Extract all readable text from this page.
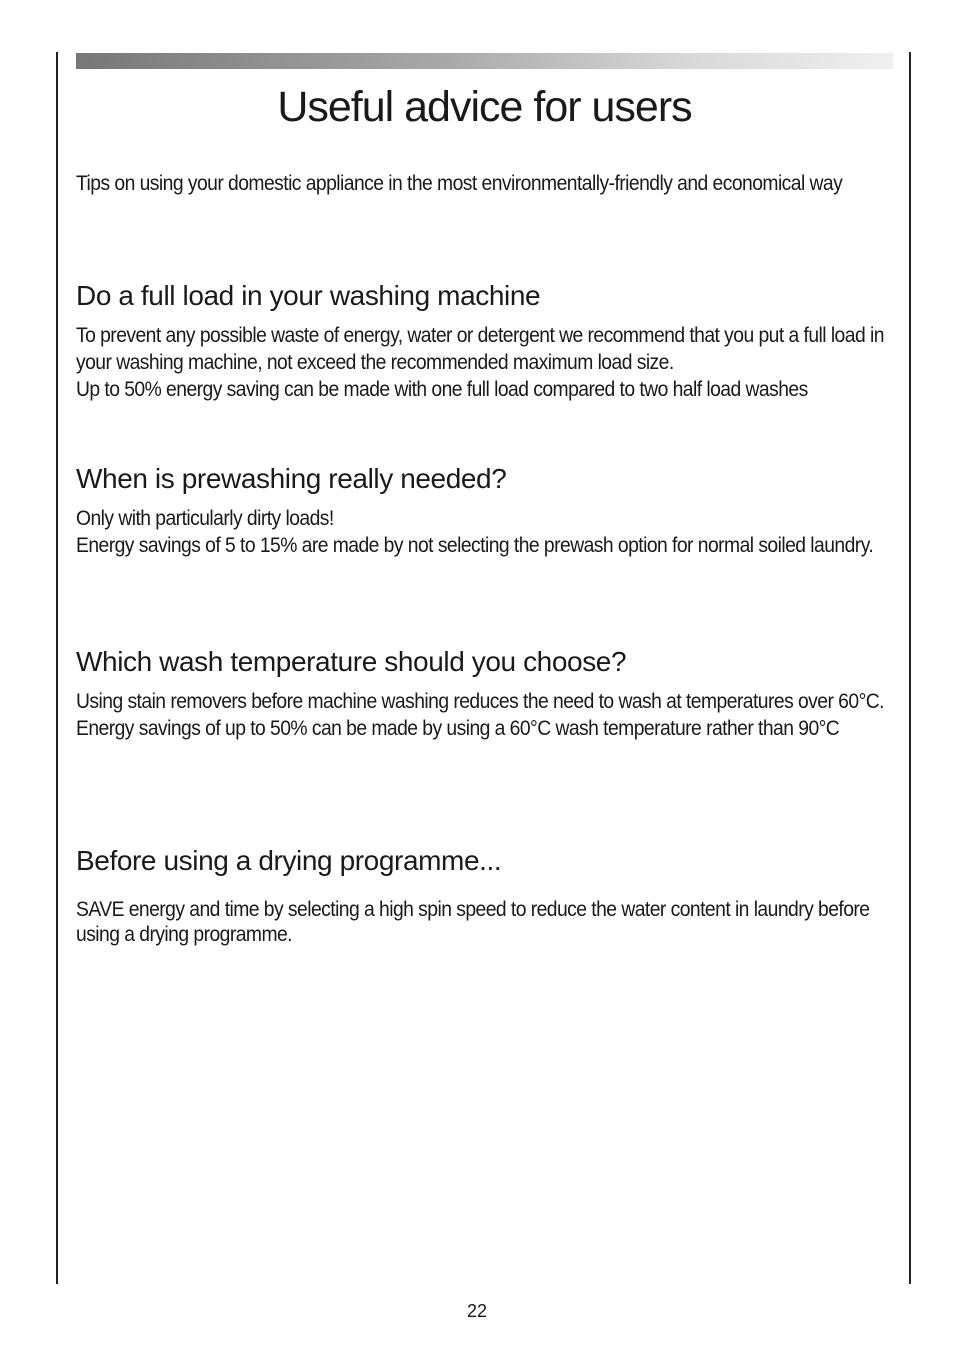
Useful advice for users
Tips on using your domestic appliance in the most environmentally-friendly and economical way
Do a full load in your washing machine

To prevent any possible waste of energy, water or detergent we recommend that you put a full load in your washing machine, not exceed the recommended maximum load size.
Up to 50% energy saving can be made with one full load compared to two half load washes

When is prewashing really needed?

Only with particularly dirty loads!
Energy savings of 5 to 15% are made by not selecting the prewash option for normal soiled laundry.

Which wash temperature should you choose?

Using stain removers before machine washing reduces the need to wash at temperatures over 60°C.
Energy savings of up to 50% can be made by using a 60°C wash temperature rather than 90°C

Before using a drying programme...

SAVE energy and time by selecting a high spin speed to reduce the water content in laundry before using a drying programme.

22
